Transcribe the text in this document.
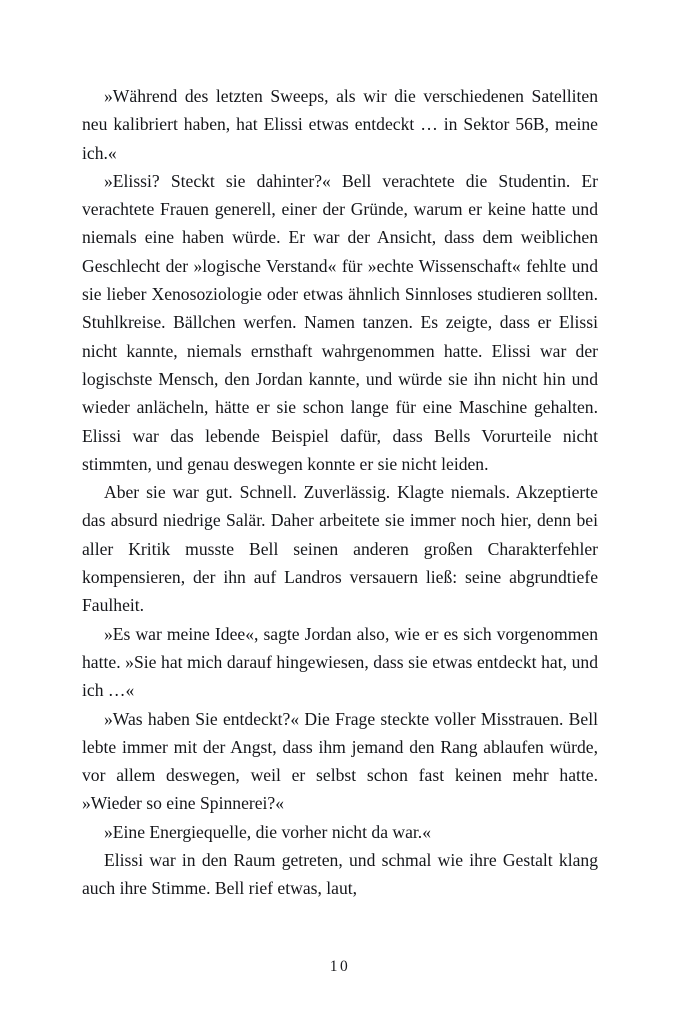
»Während des letzten Sweeps, als wir die verschiedenen Satelliten neu kalibriert haben, hat Elissi etwas entdeckt … in Sektor 56B, meine ich.«

»Elissi? Steckt sie dahinter?« Bell verachtete die Studentin. Er verachtete Frauen generell, einer der Gründe, warum er keine hatte und niemals eine haben würde. Er war der Ansicht, dass dem weiblichen Geschlecht der »logische Verstand« für »echte Wissenschaft« fehlte und sie lieber Xenosoziologie oder etwas ähnlich Sinnloses studieren sollten. Stuhlkreise. Bällchen werfen. Namen tanzen. Es zeigte, dass er Elissi nicht kannte, niemals ernsthaft wahrgenommen hatte. Elissi war der logischste Mensch, den Jordan kannte, und würde sie ihn nicht hin und wieder anlächeln, hätte er sie schon lange für eine Maschine gehalten. Elissi war das lebende Beispiel dafür, dass Bells Vorurteile nicht stimmten, und genau deswegen konnte er sie nicht leiden.

Aber sie war gut. Schnell. Zuverlässig. Klagte niemals. Akzeptierte das absurd niedrige Salär. Daher arbeitete sie immer noch hier, denn bei aller Kritik musste Bell seinen anderen großen Charakterfehler kompensieren, der ihn auf Landros versauern ließ: seine abgrundtiefe Faulheit.

»Es war meine Idee«, sagte Jordan also, wie er es sich vorgenommen hatte. »Sie hat mich darauf hingewiesen, dass sie etwas entdeckt hat, und ich …«

»Was haben Sie entdeckt?« Die Frage steckte voller Misstrauen. Bell lebte immer mit der Angst, dass ihm jemand den Rang ablaufen würde, vor allem deswegen, weil er selbst schon fast keinen mehr hatte. »Wieder so eine Spinnerei?«

»Eine Energiequelle, die vorher nicht da war.«

Elissi war in den Raum getreten, und schmal wie ihre Gestalt klang auch ihre Stimme. Bell rief etwas, laut,

10
